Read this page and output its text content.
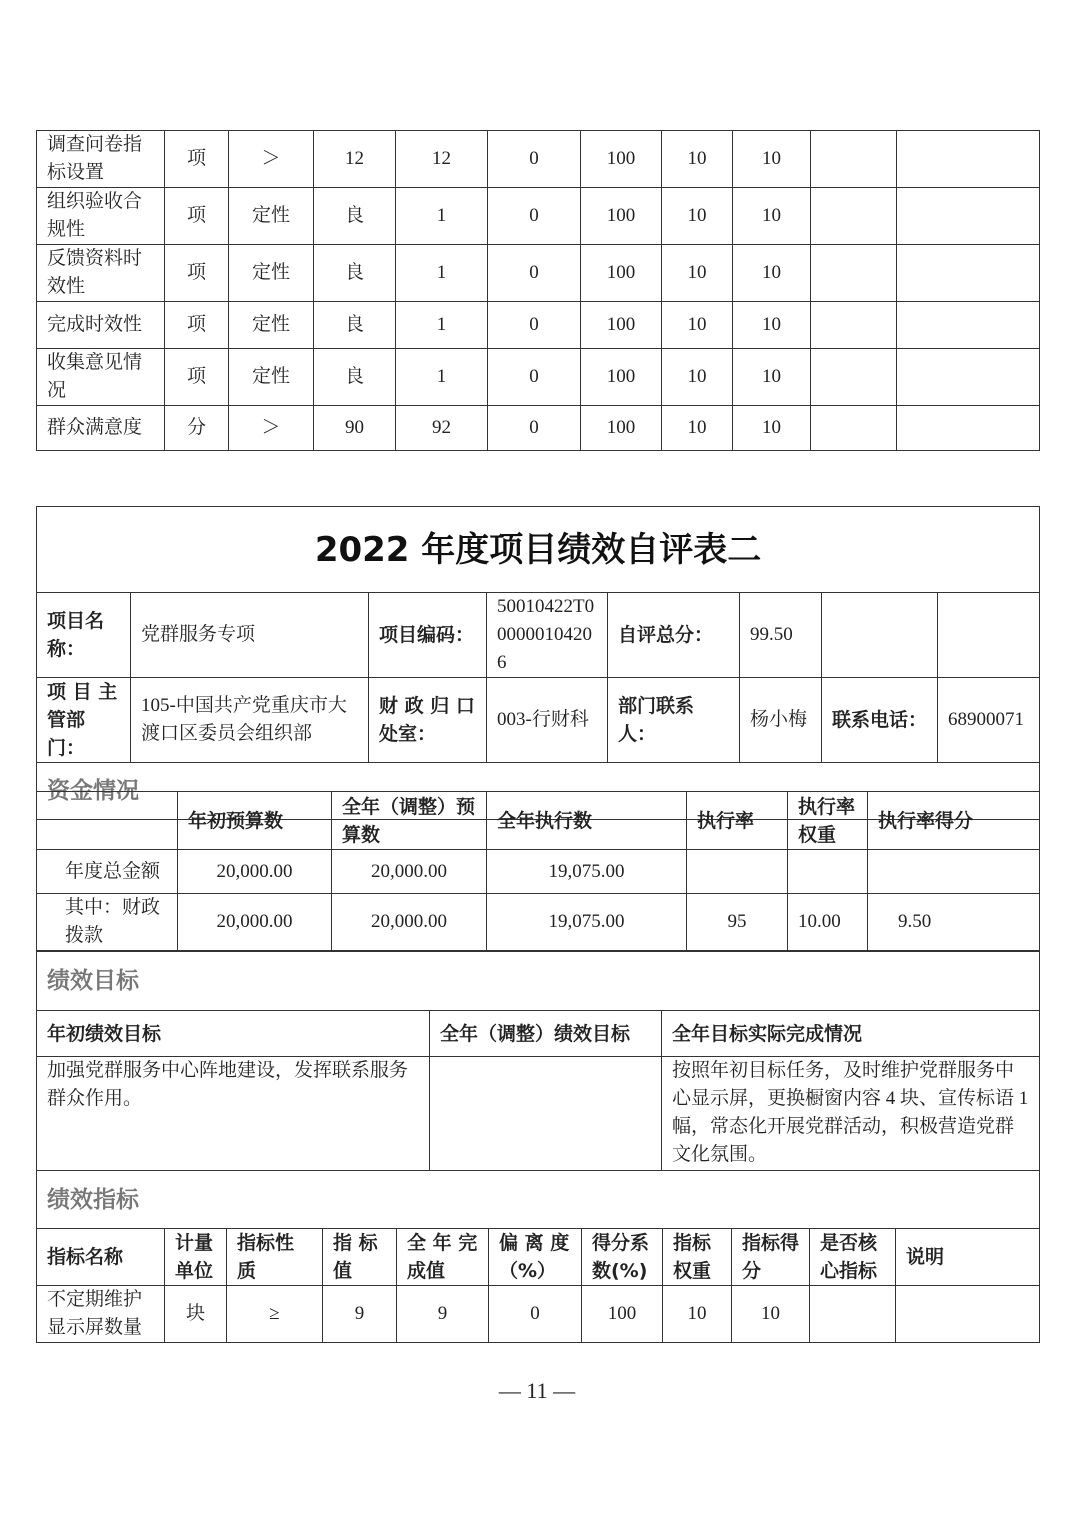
调查问卷指标设置	项	＞	12	12	0	100	10	10		
组织验收合规性	项	定性	良	1	0	100	10	10		
反馈资料时效性	项	定性	良	1	0	100	10	10		
完成时效性	项	定性	良	1	0	100	10	10		
收集意见情况	项	定性	良	1	0	100	10	10		
群众满意度	分	＞	90	92	0	100	10	10		
2022 年度项目绩效自评表二							
项目名称：	党群服务专项	项目编码：	50010422T000000104206	自评总分：	99.50		
项 目 主管部门：	105-中国共产党重庆市大渡口区委员会组织部	财 政 归 口处室：	003-行财科	部门联系人：	杨小梅	联系电话：	68900071
资金情况							
	年初预算数	全年（调整）预算数	全年执行数	执行率	执行率权重	执行率得分
年度总金额	20,000.00	20,000.00	19,075.00			
其中：财政拨款	20,000.00	20,000.00	19,075.00	95	10.00	9.50
绩效目标		
年初绩效目标	全年（调整）绩效目标	全年目标实际完成情况
加强党群服务中心阵地建设，发挥联系服务群众作用。		按照年初目标任务，及时维护党群服务中心显示屏，更换橱窗内容 4 块、宣传标语 1 幅，常态化开展党群活动，积极营造党群文化氛围。
绩效指标		
指标名称	计量单位	指标性质	指 标 值	全 年 完成值	偏 离 度（%）	得分系数(%)	指标权重	指标得分	是否核心指标	说明
不定期维护显示屏数量	块	≥	9	9	0	100	10	10		
— 11 —
